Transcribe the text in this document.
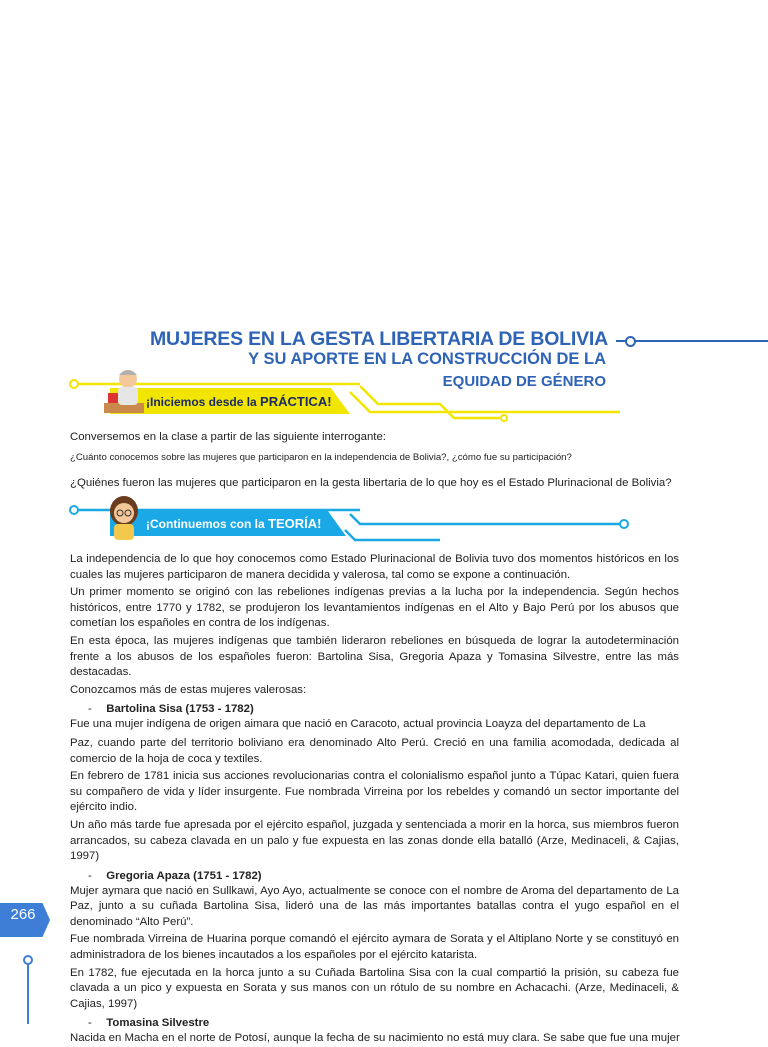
MUJERES EN LA GESTA LIBERTARIA DE BOLIVIA
Y SU APORTE EN LA CONSTRUCCIÓN DE LA
EQUIDAD DE GÉNERO
¡Iniciemos desde la PRÁCTICA!
Conversemos en la clase a partir de las siguiente interrogante:
¿Cuánto conocemos sobre las mujeres que participaron en la independencia de Bolivia?, ¿cómo fue su participación?
¿Quiénes fueron las mujeres que participaron en la gesta libertaria de lo que hoy es el Estado Plurinacional de Bolivia?
¡Continuemos con la TEORÍA!

La independencia de lo que hoy conocemos como Estado Plurinacional de Bolivia tuvo dos momentos históricos en los cuales las mujeres participaron de manera decidida y valerosa, tal como se expone a continuación.

Un primer momento se originó con las rebeliones indígenas previas a la lucha por la independencia. Según hechos históricos, entre 1770 y 1782, se produjeron los levantamientos indígenas en el Alto y Bajo Perú por los abusos que cometían los españoles en contra de los indígenas.

En esta época, las mujeres indígenas que también lideraron rebeliones en búsqueda de lograr la autodeterminación frente a los abusos de los españoles fueron: Bartolina Sisa, Gregoria Apaza y Tomasina Silvestre, entre las más destacadas.

Conozcamos más de estas mujeres valerosas:

- Bartolina Sisa (1753 - 1782)

Fue una mujer indígena de origen aimara que nació en Caracoto, actual provincia Loayza del departamento de La

Paz, cuando parte del territorio boliviano era denominado Alto Perú. Creció en una familia acomodada, dedicada al comercio de la hoja de coca y textiles.

En febrero de 1781 inicia sus acciones revolucionarias contra el colonialismo español junto a Túpac Katari, quien fuera su compañero de vida y líder insurgente. Fue nombrada Virreina por los rebeldes y comandó un sector importante del ejército indio.

Un año más tarde fue apresada por el ejército español, juzgada y sentenciada a morir en la horca, sus miembros fueron arrancados, su cabeza clavada en un palo y fue expuesta en las zonas donde ella batalló (Arze, Medinaceli, & Cajias, 1997)

- Gregoria Apaza (1751 - 1782)

Mujer aymara que nació en Sullkawi, Ayo Ayo, actualmente se conoce con el nombre de Aroma del departamento de La Paz, junto a su cuñada Bartolina Sisa, lideró una de las más importantes batallas contra el yugo español en el denominado “Alto Perú”.

Fue nombrada Virreina de Huarina porque comandó el ejército aymara de Sorata y el Altiplano Norte y se constituyó en administradora de los bienes incautados a los españoles por el ejército katarista.

En 1782, fue ejecutada en la horca junto a su Cuñada Bartolina Sisa con la cual compartió la prisión, su cabeza fue clavada a un pico y expuesta en Sorata y sus manos con un rótulo de su nombre en Achacachi. (Arze, Medinaceli, & Cajias, 1997)

- Tomasina Silvestre

Nacida en Macha en el norte de Potosí, aunque la fecha de su nacimiento no está muy clara. Se sabe que fue una mujer

266
